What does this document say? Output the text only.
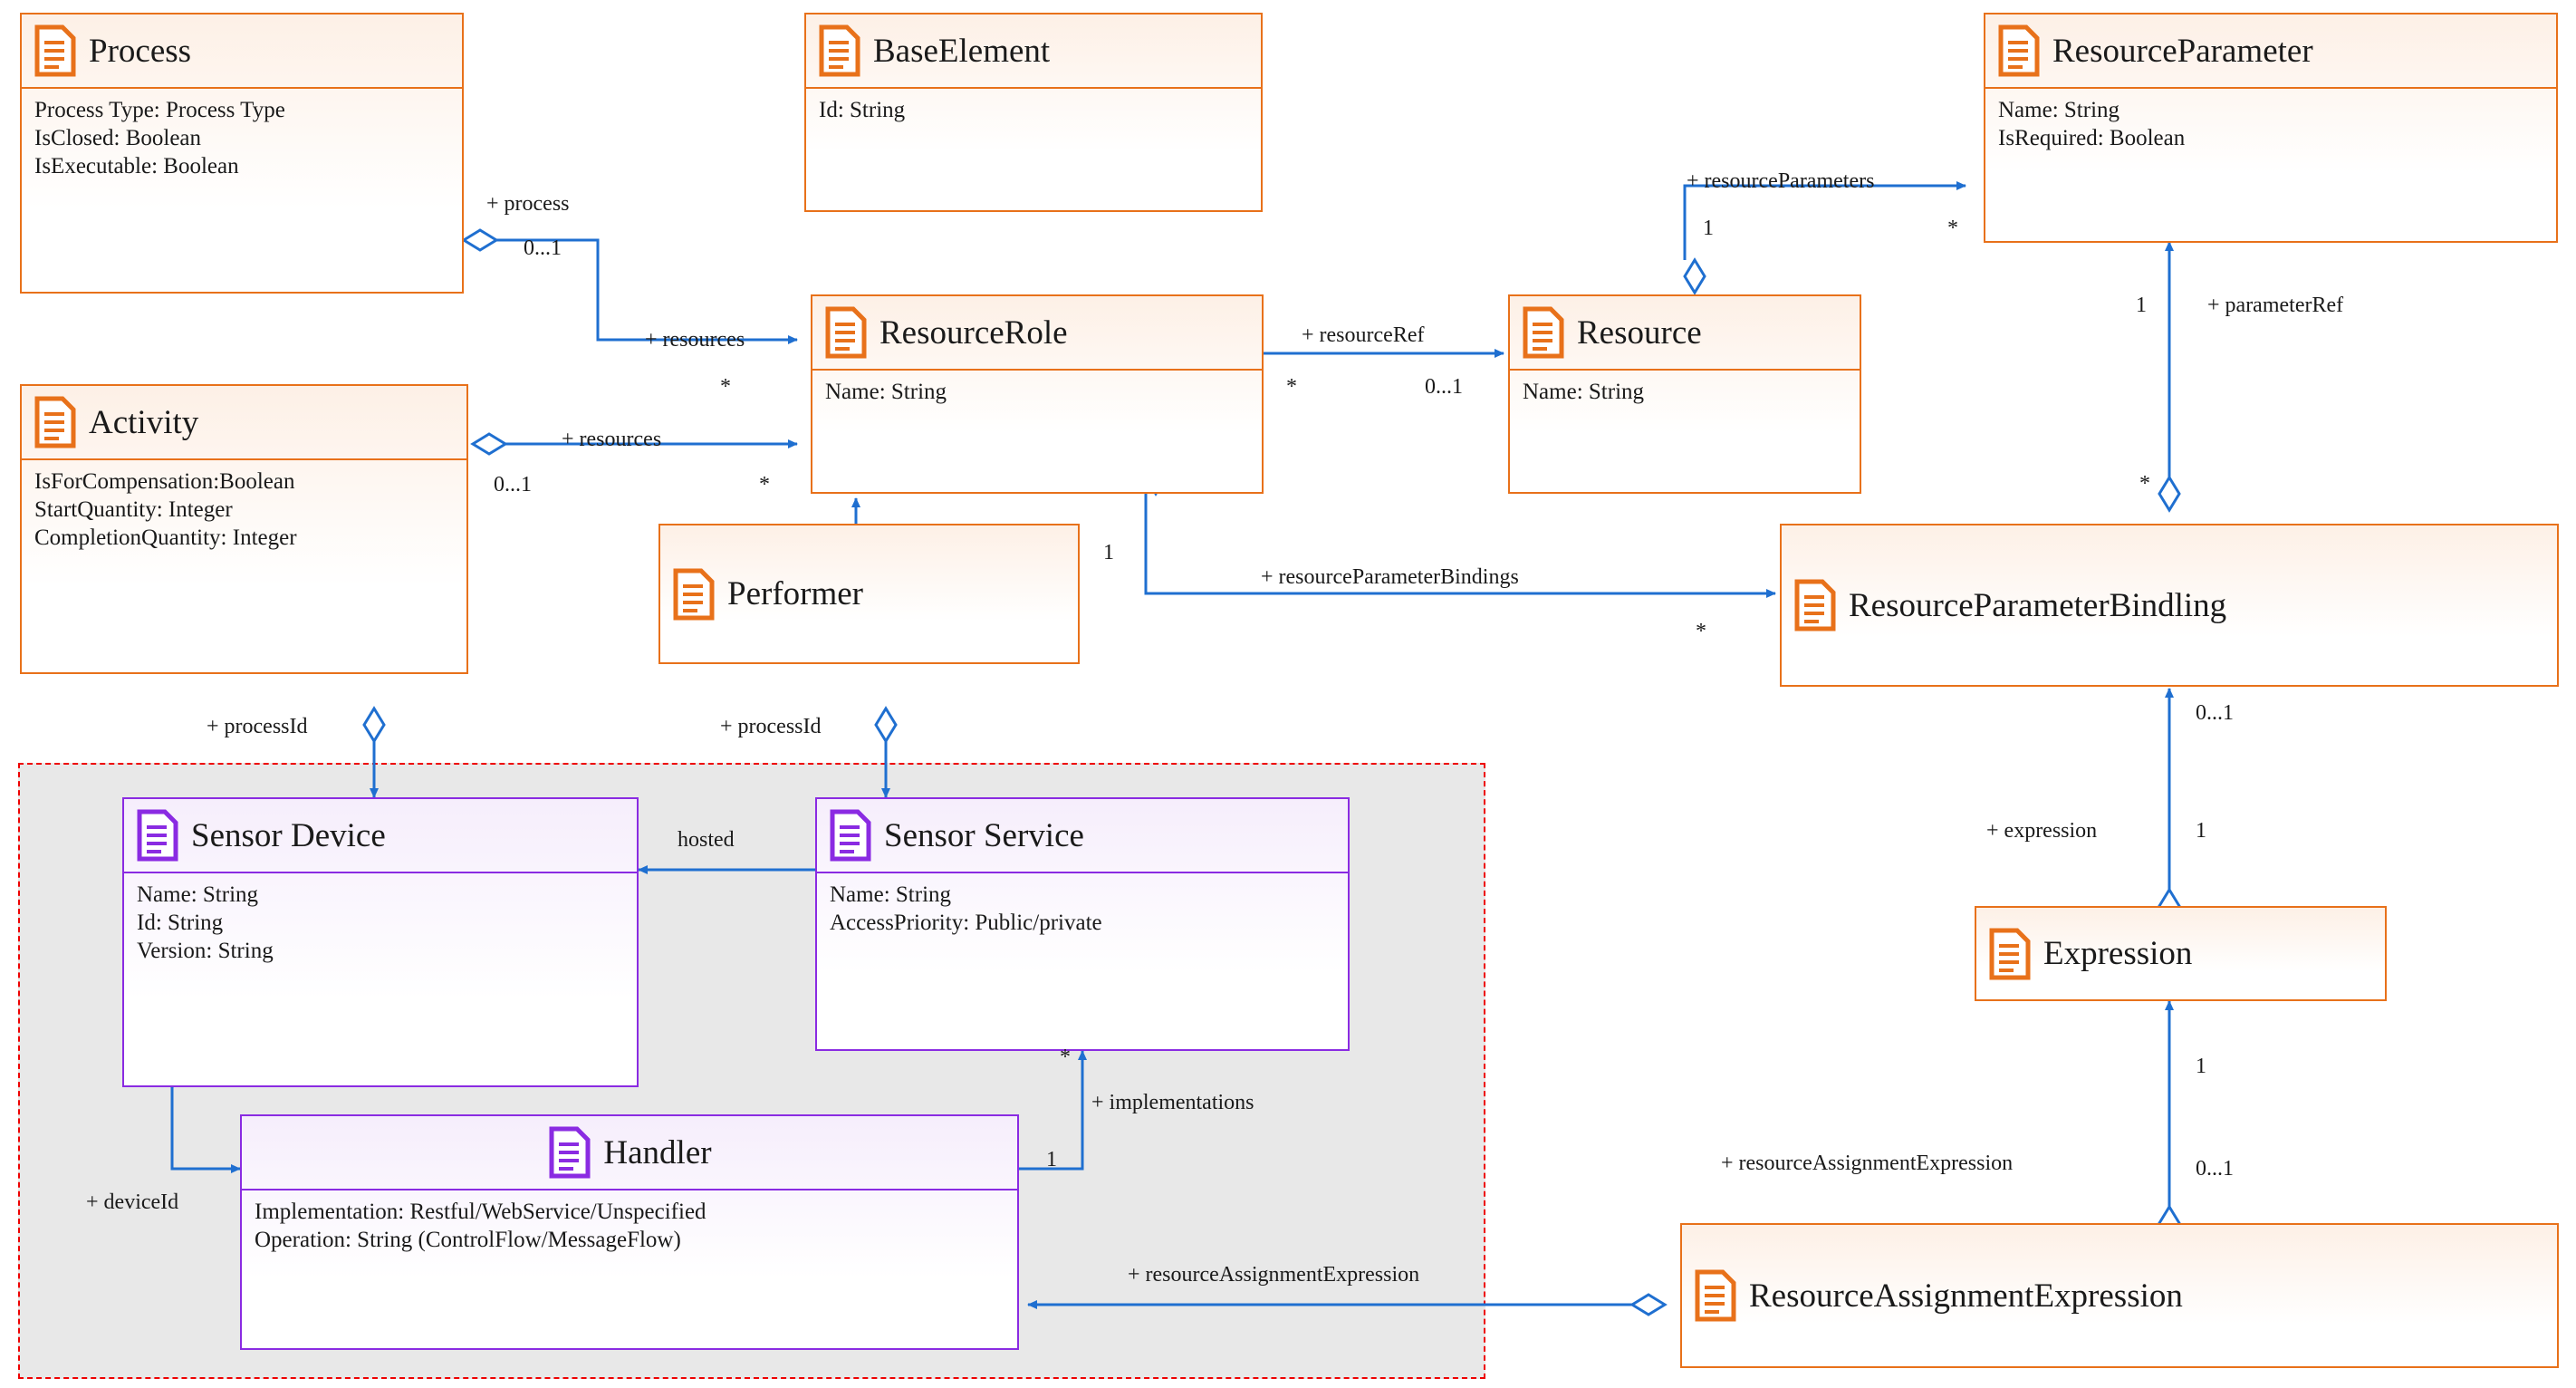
Process
Process Type: Process Type
IsClosed: Boolean
IsExecutable: Boolean
BaseElement
Id: String
ResourceParameter
Name: String
IsRequired: Boolean
ResourceRole
Name: String
Resource
Name: String
Activity
IsForCompensation:Boolean
StartQuantity: Integer
CompletionQuantity: Integer
Performer	ResourceParameterBindling
Expression
ResourceAssignmentExpression
Sensor Device
Name: String
Id: String
Version: String
Sensor Service
Name: String
AccessPriority: Public/private
Handler
Implementation: Restful/WebService/Unspecified
Operation: String (ControlFlow/MessageFlow)
+ process
0...1
+ resources
*
+ resources
0...1	*
+ resourceRef
*	0...1
+ resourceParameters
1	*
+ parameterRef
1
*
+ resourceParameterBindings
1
*
+ expression
0...1
1
1
+ resourceAssignmentExpression	0...1
+ resourceAssignmentExpression
+ processId	+ processId
hosted
+ implementations
*
1
+ deviceId
